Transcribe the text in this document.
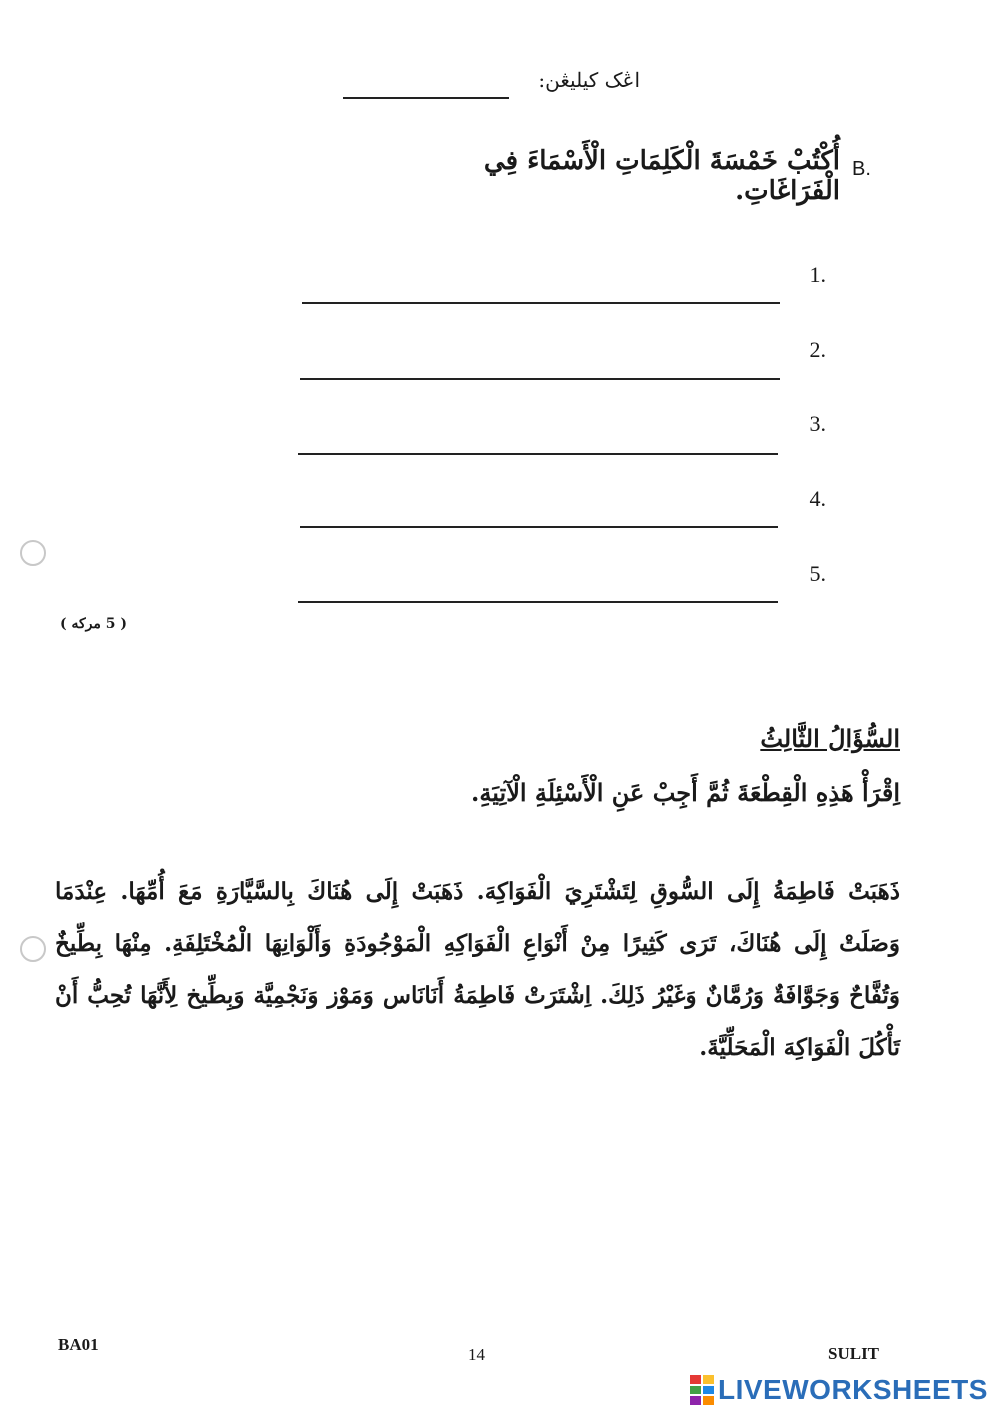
اڠک کيليڠن:
B.
أُكْتُبْ خَمْسَةَ الْكَلِمَاتِ الْأَسْمَاءَ فِي الْفَرَاغَاتِ.
1.
2.
3.
4.
5.
( 5 مركه )
السُّؤَالُ الثَّالِثُ
اِقْرَأْ هَذِهِ الْقِطْعَةَ ثُمَّ أَجِبْ عَنِ الْأَسْئِلَةِ الْآتِيَةِ.
ذَهَبَتْ فَاطِمَةُ إِلَى السُّوقِ لِتَشْتَرِيَ الْفَوَاكِهَ. ذَهَبَتْ إِلَى هُنَاكَ بِالسَّيَّارَةِ مَعَ أُمِّهَا. عِنْدَمَا وَصَلَتْ إِلَى هُنَاكَ، تَرَى كَثِيرًا مِنْ أَنْوَاعِ الْفَوَاكِهِ الْمَوْجُودَةِ وَأَلْوَانِهَا الْمُخْتَلِفَةِ. مِنْهَا بِطِّيخٌ وَتُفَّاحٌ وَجَوَّافَةٌ وَرُمَّانٌ وَغَيْرُ ذَلِكَ. اِشْتَرَتْ فَاطِمَةُ أَنَانَاس وَمَوْز وَنَجْمِيَّة وَبِطِّيخ لِأَنَّهَا تُحِبُّ أَنْ تَأْكُلَ الْفَوَاكِهَ الْمَحَلِّيَّةَ.
BA01
14	SULIT
LIVEWORKSHEETS
